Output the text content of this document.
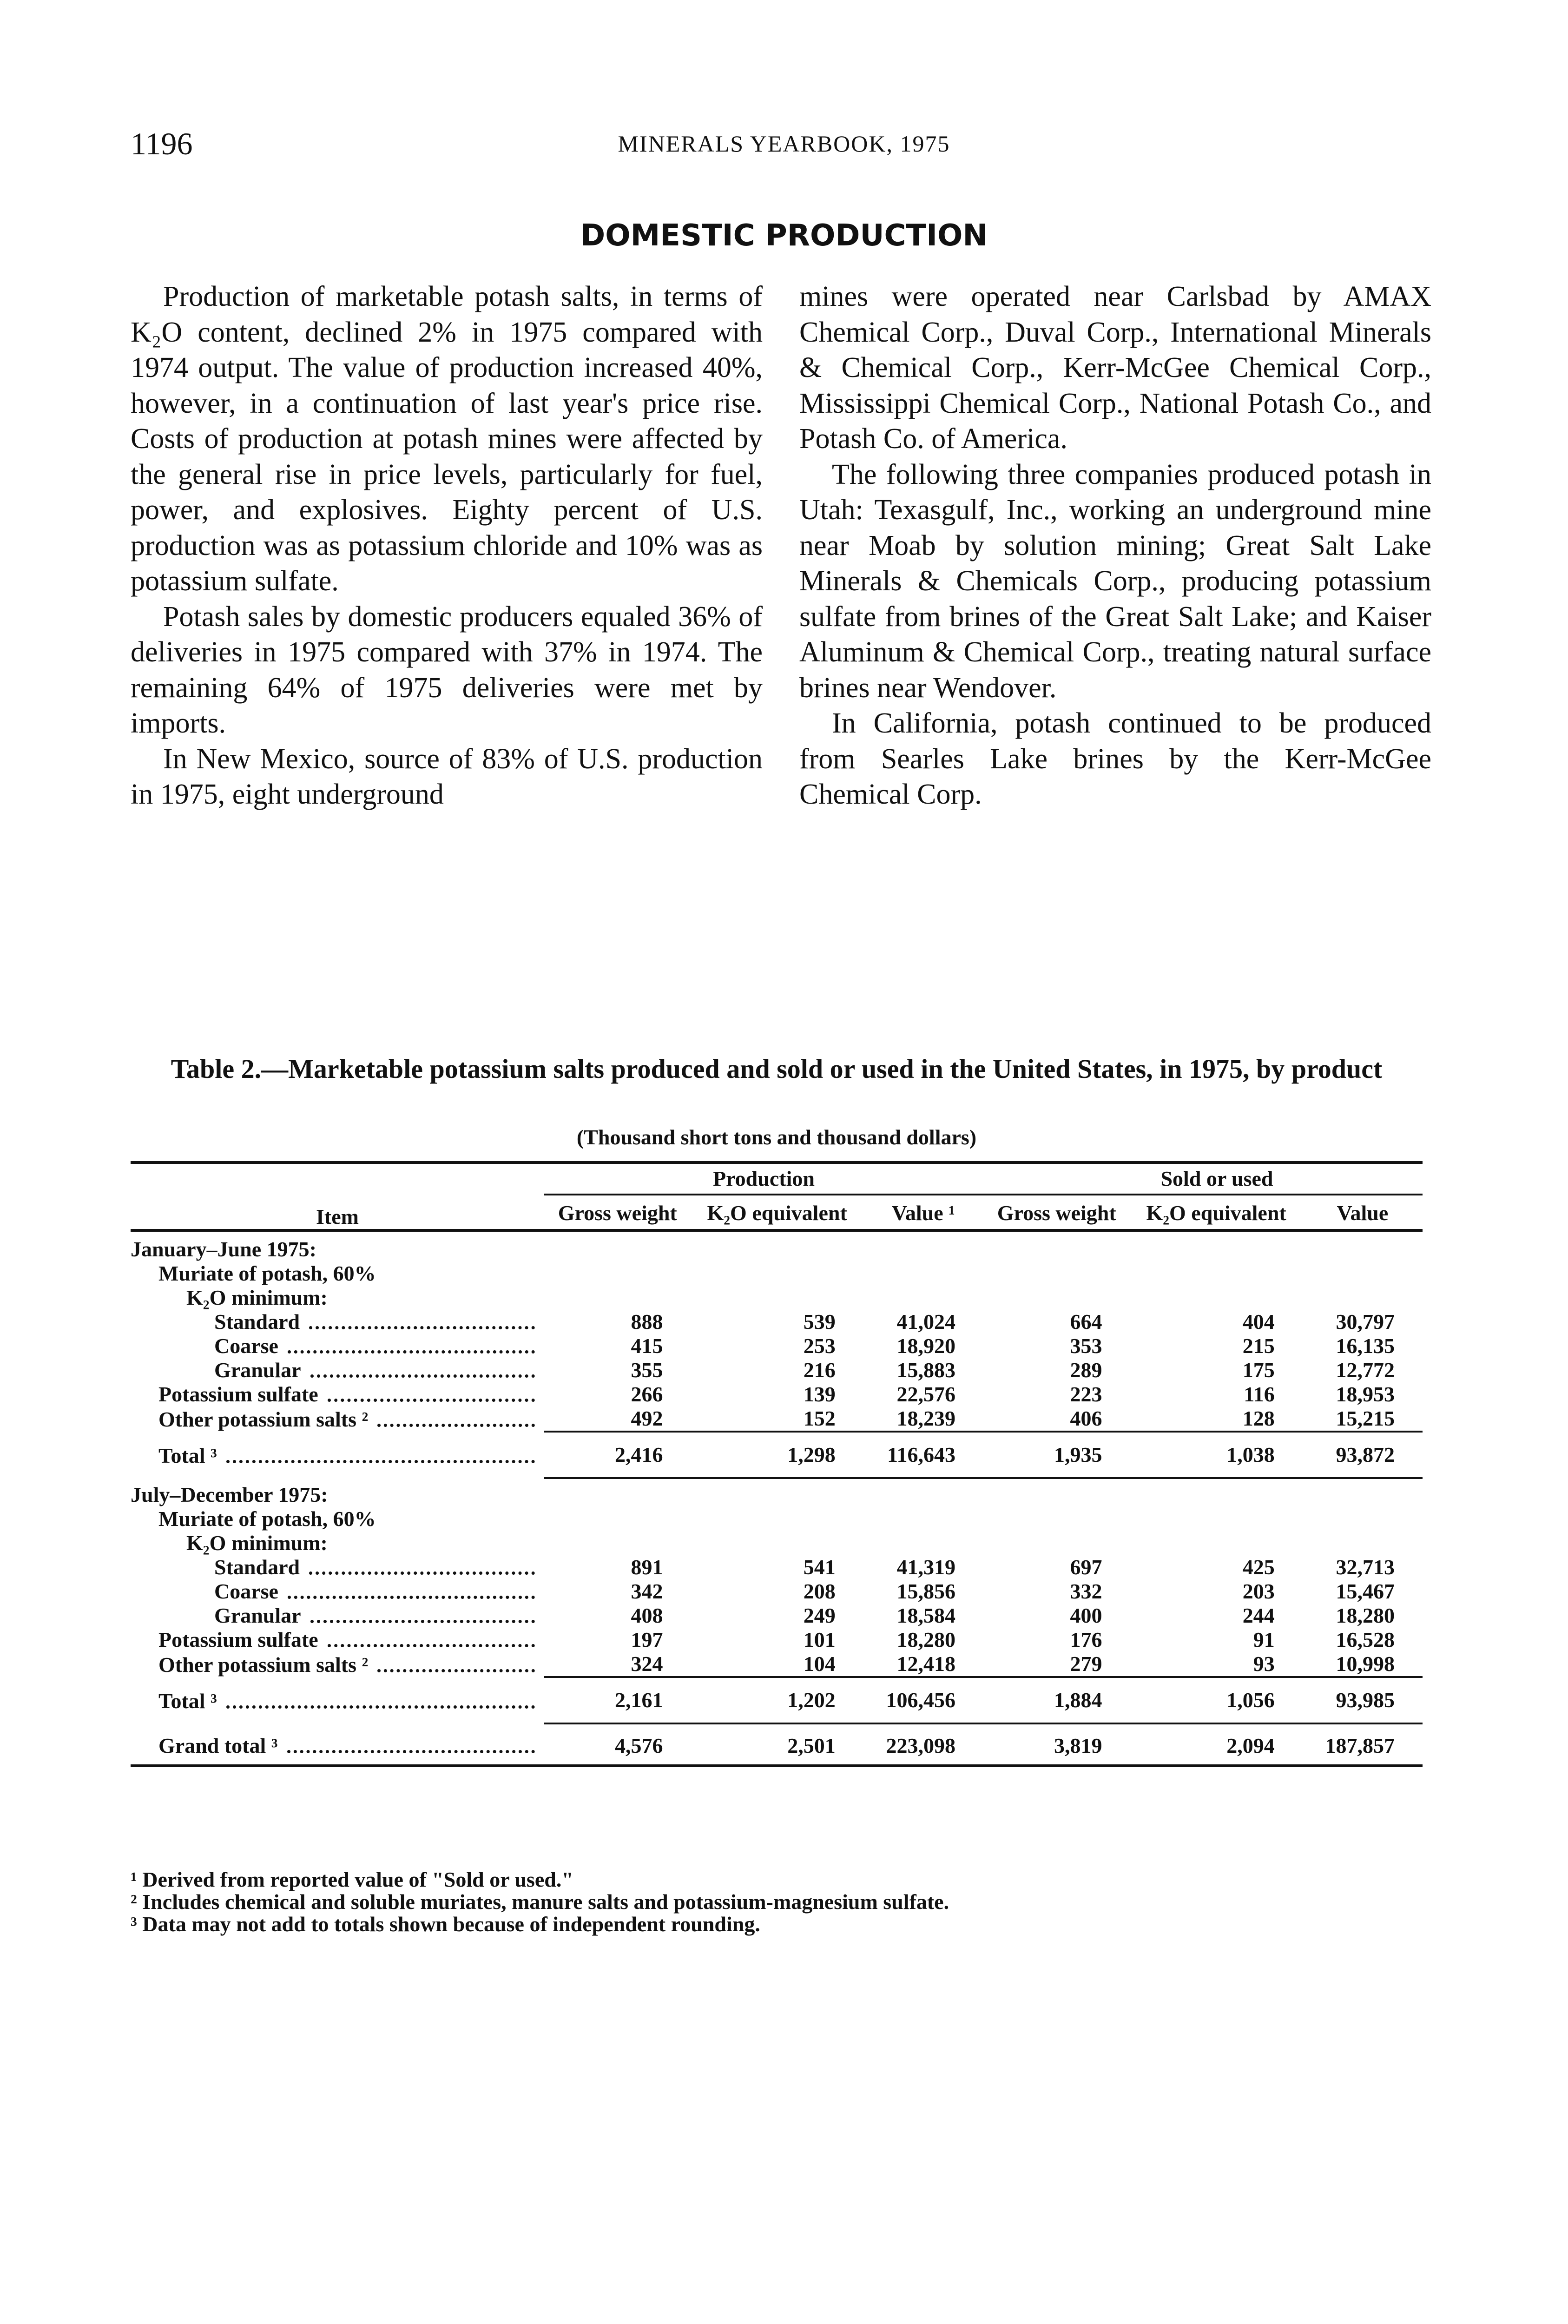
1196	MINERALS YEARBOOK, 1975
DOMESTIC PRODUCTION

Production of marketable potash salts, in terms of K₂O content, declined 2% in 1975 compared with 1974 output. The value of production increased 40%, however, in a continuation of last year's price rise. Costs of production at potash mines were affected by the general rise in price levels, particularly for fuel, power, and explosives. Eighty percent of U.S. production was as potassium chloride and 10% was as potassium sulfate.

Potash sales by domestic producers equaled 36% of deliveries in 1975 compared with 37% in 1974. The remaining 64% of 1975 deliveries were met by imports.

In New Mexico, source of 83% of U.S. production in 1975, eight underground

mines were operated near Carlsbad by AMAX Chemical Corp., Duval Corp., International Minerals & Chemical Corp., Kerr-McGee Chemical Corp., Mississippi Chemical Corp., National Potash Co., and Potash Co. of America.

The following three companies produced potash in Utah: Texasgulf, Inc., working an underground mine near Moab by solution mining; Great Salt Lake Minerals & Chemicals Corp., producing potassium sulfate from brines of the Great Salt Lake; and Kaiser Aluminum & Chemical Corp., treating natural surface brines near Wendover.

In California, potash continued to be produced from Searles Lake brines by the Kerr-McGee Chemical Corp.

Table 2.—Marketable potassium salts produced and sold or used in the United States, in 1975, by product
(Thousand short tons and thousand dollars)
Item	Production			Sold or used		
	Gross weight	K₂O equivalent	Value ¹	Gross weight	K₂O equivalent	Value
January–June 1975:						
Muriate of potash, 60%						
K₂O minimum:						

Standard	888	539	41,024	664	404	30,797

Coarse	415	253	18,920	353	215	16,135

Granular	355	216	15,883	289	175	12,772

Potassium sulfate	266	139	22,576	223	116	18,953

Other potassium salts ²	492	152	18,239	406	128	15,215

Total ³	2,416	1,298	116,643	1,935	1,038	93,872
July–December 1975:						
Muriate of potash, 60%						
K₂O minimum:						

Standard	891	541	41,319	697	425	32,713

Coarse	342	208	15,856	332	203	15,467

Granular	408	249	18,584	400	244	18,280

Potassium sulfate	197	101	18,280	176	91	16,528

Other potassium salts ²	324	104	12,418	279	93	10,998

Total ³	2,161	1,202	106,456	1,884	1,056	93,985

Grand total ³	4,576	2,501	223,098	3,819	2,094	187,857
¹ Derived from reported value of "Sold or used."
² Includes chemical and soluble muriates, manure salts and potassium-magnesium sulfate.
³ Data may not add to totals shown because of independent rounding.
